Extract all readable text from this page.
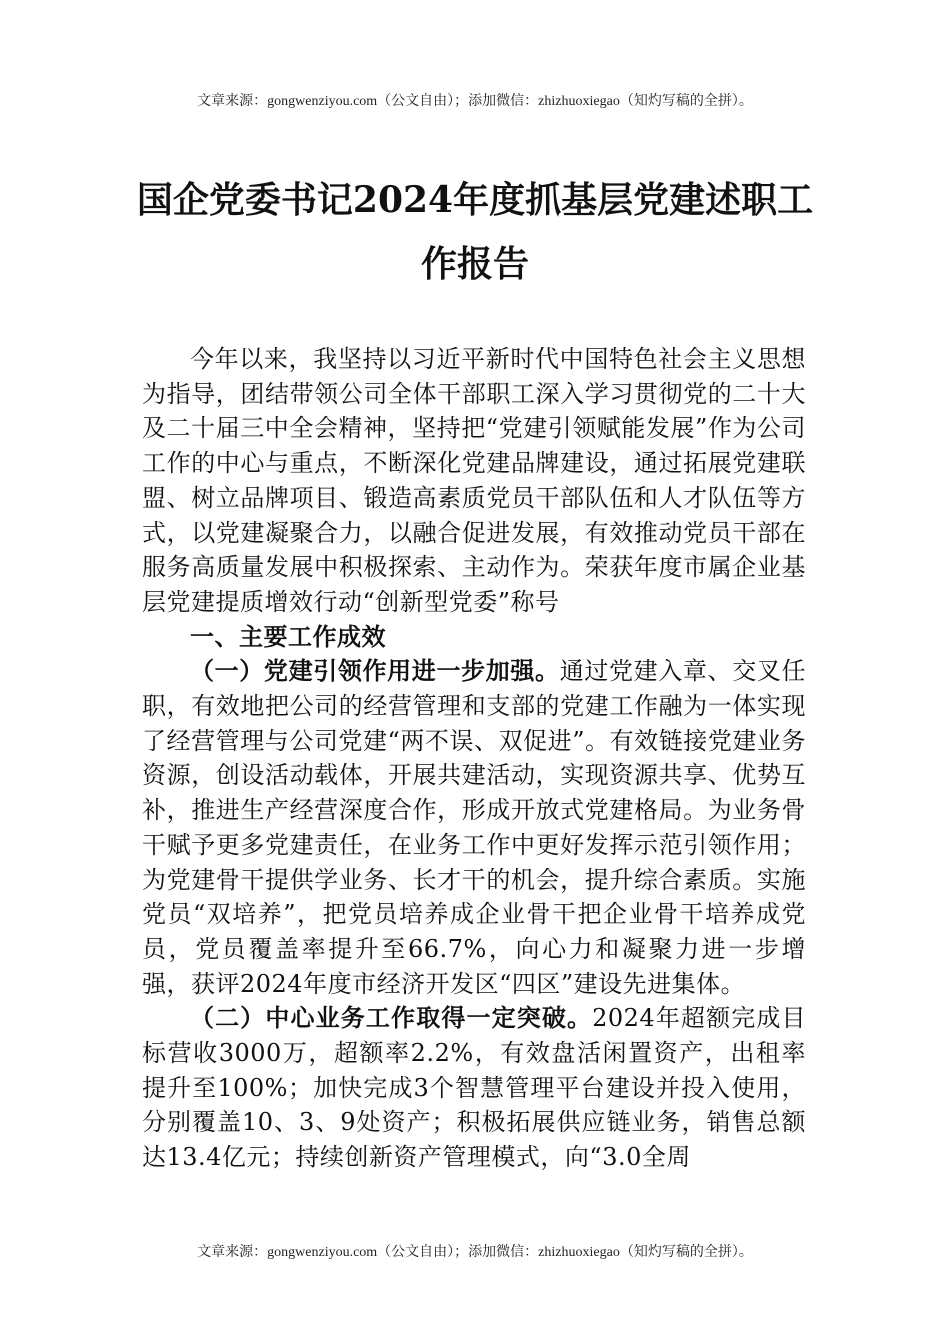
文章来源：gongwenziyou.com（公文自由）；添加微信：zhizhuoxiegao（知灼写稿的全拼）。
国企党委书记2024年度抓基层党建述职工
作报告

今年以来，我坚持以习近平新时代中国特色社会主义思想为指导，团结带领公司全体干部职工深入学习贯彻党的二十大及二十届三中全会精神，坚持把“党建引领赋能发展”作为公司工作的中心与重点，不断深化党建品牌建设，通过拓展党建联盟、树立品牌项目、锻造高素质党员干部队伍和人才队伍等方式，以党建凝聚合力，以融合促进发展，有效推动党员干部在服务高质量发展中积极探索、主动作为。荣获年度市属企业基层党建提质增效行动“创新型党委”称号

一、主要工作成效

（一）党建引领作用进一步加强。通过党建入章、交叉任职，有效地把公司的经营管理和支部的党建工作融为一体实现了经营管理与公司党建“两不误、双促进”。有效链接党建业务资源，创设活动载体，开展共建活动，实现资源共享、优势互补，推进生产经营深度合作，形成开放式党建格局。为业务骨干赋予更多党建责任，在业务工作中更好发挥示范引领作用；为党建骨干提供学业务、长才干的机会，提升综合素质。实施党员“双培养”，把党员培养成企业骨干把企业骨干培养成党员，党员覆盖率提升至66.7%，向心力和凝聚力进一步增强，获评2024年度市经济开发区“四区”建设先进集体。

（二）中心业务工作取得一定突破。2024年超额完成目标营收3000万，超额率2.2%，有效盘活闲置资产，出租率提升至100%；加快完成3个智慧管理平台建设并投入使用，分别覆盖10、3、9处资产；积极拓展供应链业务，销售总额达13.4亿元；持续创新资产管理模式，向“3.0全周

文章来源：gongwenziyou.com（公文自由）；添加微信：zhizhuoxiegao（知灼写稿的全拼）。
